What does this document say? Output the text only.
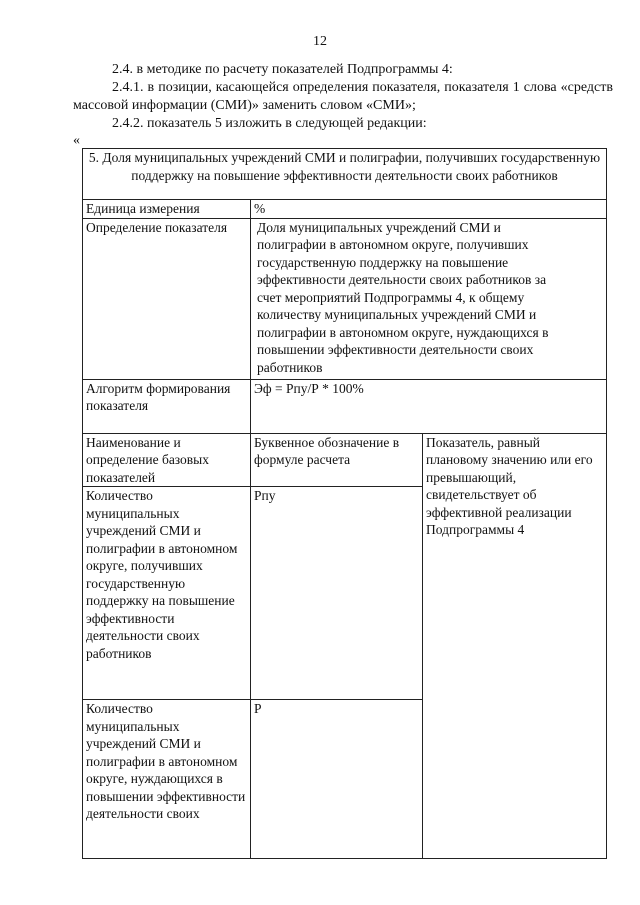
12
2.4. в методике по расчету показателей Подпрограммы 4:
2.4.1. в позиции, касающейся определения показателя, показателя 1 слова «средств массовой информации (СМИ)» заменить словом «СМИ»;
2.4.2. показатель 5 изложить в следующей редакции:
«
5. Доля муниципальных учреждений СМИ и полиграфии, получивших государственную поддержку на повышение эффективности деятельности своих работников		
Единица измерения	%	
Определение показателя	Доля муниципальных учреждений СМИ и полиграфии в автономном округе, получивших государственную поддержку на повышение эффективности деятельности своих работников за счет мероприятий Подпрограммы 4, к общему количеству муниципальных учреждений СМИ и полиграфии в автономном округе, нуждающихся в повышении эффективности деятельности своих работников	
Алгоритм формирования показателя	Эф = Рпу/Р * 100%	
Наименование и определение базовых показателей	Буквенное обозначение в формуле расчета	Показатель, равный плановому значению или его превышающий, свидетельствует об эффективной реализации Подпрограммы 4
Количество муниципальных учреждений СМИ и полиграфии в автономном округе, получивших государственную поддержку на повышение эффективности деятельности своих работников	Рпу	
Количество муниципальных учреждений СМИ и полиграфии в автономном округе, нуждающихся в повышении эффективности деятельности своих	Р	
